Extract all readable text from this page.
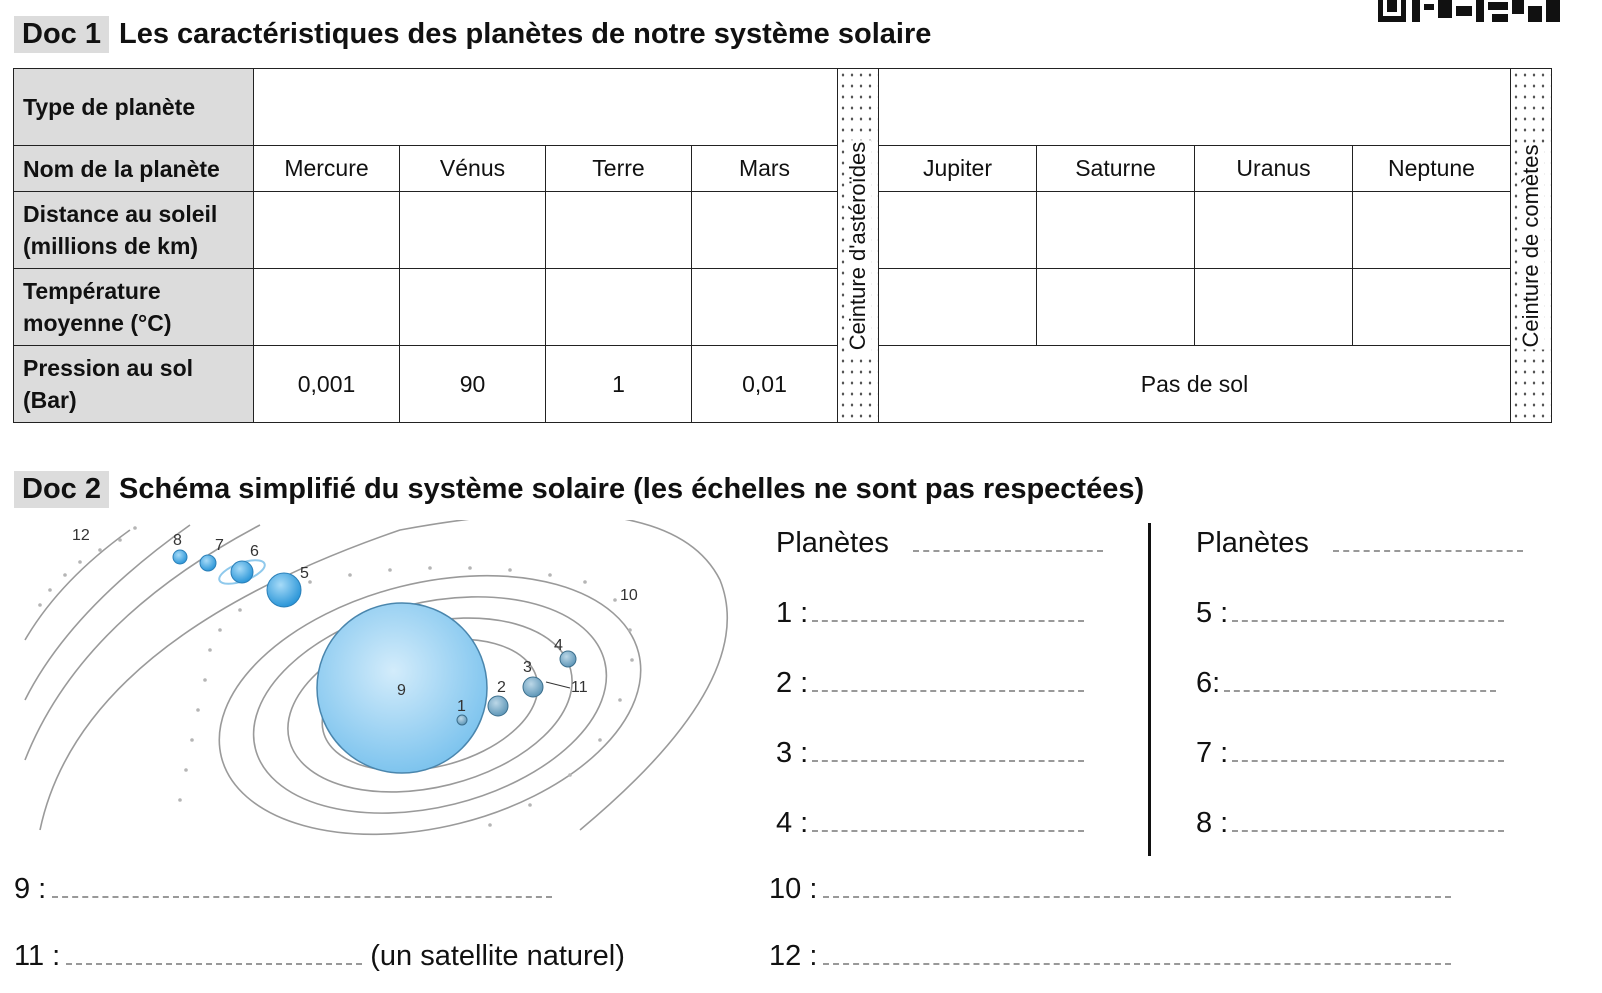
Doc 1 Les caractéristiques des planètes de notre système solaire
Type de planète					Ceinture d'astéroïdes					Ceinture de comètes

Nom de la planète	Mercure	Vénus	Terre	Mars		Jupiter	Saturne	Uranus	Neptune	
Distance au soleil (millions de km)										
Température moyenne (°C)										
Pression au sol (Bar)	0,001	90	1	0,01		Pas de sol				
Doc 2 Schéma simplifié du système solaire (les échelles ne sont pas respectées)
1
2
3
4
5
6
7
8
9
10
11
12	Planètes	Planètes
1 :
2 :
3 :
4 :
5 :
6:
7 :
8 :
9 :	10 :
11 :	(un satellite naturel)	12 :
